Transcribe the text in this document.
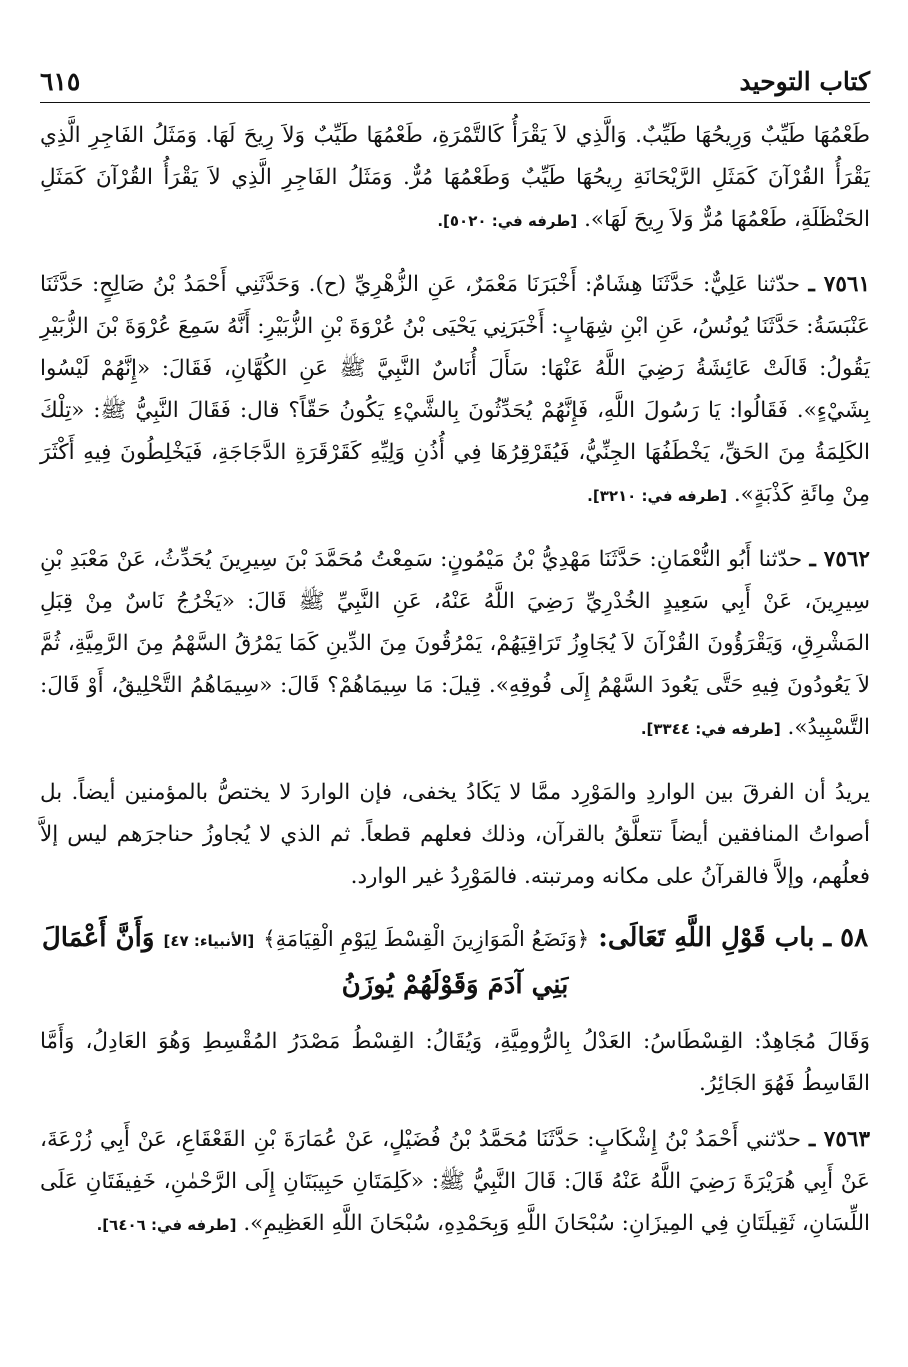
كتاب التوحيد
٦١٥

طَعْمُهَا طَيِّبٌ وَرِيحُهَا طَيِّبٌ. وَالَّذِي لاَ يَقْرَأُ كَالتَّمْرَةِ، طَعْمُهَا طَيِّبٌ وَلاَ رِيحَ لَهَا. وَمَثَلُ الفَاجِرِ الَّذِي يَقْرَأُ القُرْآنَ كَمَثَلِ الرَّيْحَانَةِ رِيحُهَا طَيِّبٌ وَطَعْمُهَا مُرٌّ. وَمَثَلُ الفَاجِرِ الَّذِي لاَ يَقْرَأُ القُرْآنَ كَمَثَلِ الحَنْظَلَةِ، طَعْمُهَا مُرٌّ وَلاَ رِيحَ لَهَا». [طرفه في: ٥٠٢٠].

٧٥٦١ ـ حدّثنا عَلِيٌّ: حَدَّثَنَا هِشَامٌ: أَخْبَرَنَا مَعْمَرٌ، عَنِ الزُّهْرِيِّ (ح). وَحَدَّثَنِي أَحْمَدُ بْنُ صَالِحٍ: حَدَّثَنَا عَنْبَسَةُ: حَدَّثَنَا يُونُسُ، عَنِ ابْنِ شِهَابٍ: أَخْبَرَنِي يَحْيَى بْنُ عُرْوَةَ بْنِ الزُّبَيْرِ: أَنَّهُ سَمِعَ عُرْوَةَ بْنَ الزُّبَيْرِ يَقُولُ: قَالَتْ عَائِشَةُ رَضِيَ اللَّهُ عَنْهَا: سَأَلَ أُنَاسٌ النَّبِيَّ ﷺ عَنِ الكُهَّانِ، فَقَالَ: «إِنَّهُمْ لَيْسُوا بِشَيْءٍ». فَقَالُوا: يَا رَسُولَ اللَّهِ، فَإِنَّهُمْ يُحَدِّثُونَ بِالشَّيْءِ يَكُونُ حَقّاً؟ قال: فَقَالَ النَّبِيُّ ﷺ: «تِلْكَ الكَلِمَةُ مِنَ الحَقِّ، يَخْطَفُهَا الجِنِّيُّ، فَيُقَرْقِرُهَا فِي أُذُنِ وَلِيِّهِ كَقَرْقَرَةِ الدَّجَاجَةِ، فَيَخْلِطُونَ فِيهِ أَكْثَرَ مِنْ مِائَةِ كَذْبَةٍ». [طرفه في: ٣٢١٠].

٧٥٦٢ ـ حدّثنا أَبُو النُّعْمَانِ: حَدَّثَنَا مَهْدِيُّ بْنُ مَيْمُونٍ: سَمِعْتُ مُحَمَّدَ بْنَ سِيرِينَ يُحَدِّثُ، عَنْ مَعْبَدِ بْنِ سِيرِينَ، عَنْ أَبِي سَعِيدٍ الخُدْرِيِّ رَضِيَ اللَّهُ عَنْهُ، عَنِ النَّبِيِّ ﷺ قَالَ: «يَخْرُجُ نَاسٌ مِنْ قِبَلِ المَشْرِقِ، وَيَقْرَؤُونَ القُرْآنَ لاَ يُجَاوِزُ تَرَاقِيَهُمْ، يَمْرُقُونَ مِنَ الدِّينِ كَمَا يَمْرُقُ السَّهْمُ مِنَ الرَّمِيَّةِ، ثُمَّ لاَ يَعُودُونَ فِيهِ حَتَّى يَعُودَ السَّهْمُ إِلَى فُوقِهِ». قِيلَ: مَا سِيمَاهُمْ؟ قَالَ: «سِيمَاهُمُ التَّحْلِيقُ، أَوْ قَالَ: التَّسْبِيدُ». [طرفه في: ٣٣٤٤].

يريدُ أن الفرقَ بين الواردِ والمَوْرِد ممَّا لا يَكَادُ يخفى، فإن الواردَ لا يختصُّ بالمؤمنين أيضاً. بل أصواتُ المنافقين أيضاً تتعلَّقُ بالقرآن، وذلك فعلهم قطعاً. ثم الذي لا يُجاوزُ حناجرَهم ليس إلاَّ فعلُهم، وإلاَّ فالقرآنُ على مكانه ومرتبته. فالمَوْرِدُ غير الوارد.

٥٨ ـ باب قَوْلِ اللَّهِ تَعَالَى: ﴿وَنَضَعُ الْمَوَازِينَ الْقِسْطَ لِيَوْمِ الْقِيَامَةِ﴾ [الأنبياء: ٤٧] وَأَنَّ أَعْمَالَ بَنِي آدَمَ وَقَوْلَهُمْ يُوزَنُ

وَقَالَ مُجَاهِدٌ: القِسْطَاسُ: العَدْلُ بِالرُّومِيَّةِ، وَيُقَالُ: القِسْطُ مَصْدَرُ المُقْسِطِ وَهُوَ العَادِلُ، وَأَمَّا القَاسِطُ فَهُوَ الجَائِرُ.

٧٥٦٣ ـ حدّثني أَحْمَدُ بْنُ إِشْكَابٍ: حَدَّثَنَا مُحَمَّدُ بْنُ فُضَيْلٍ، عَنْ عُمَارَةَ بْنِ القَعْقَاعِ، عَنْ أَبِي زُرْعَةَ، عَنْ أَبِي هُرَيْرَةَ رَضِيَ اللَّهُ عَنْهُ قَالَ: قَالَ النَّبِيُّ ﷺ: «كَلِمَتَانِ حَبِيبَتَانِ إِلَى الرَّحْمٰنِ، خَفِيفَتَانِ عَلَى اللِّسَانِ، ثَقِيلَتَانِ فِي المِيزَانِ: سُبْحَانَ اللَّهِ وَبِحَمْدِهِ، سُبْحَانَ اللَّهِ العَظِيمِ». [طرفه في: ٦٤٠٦].
